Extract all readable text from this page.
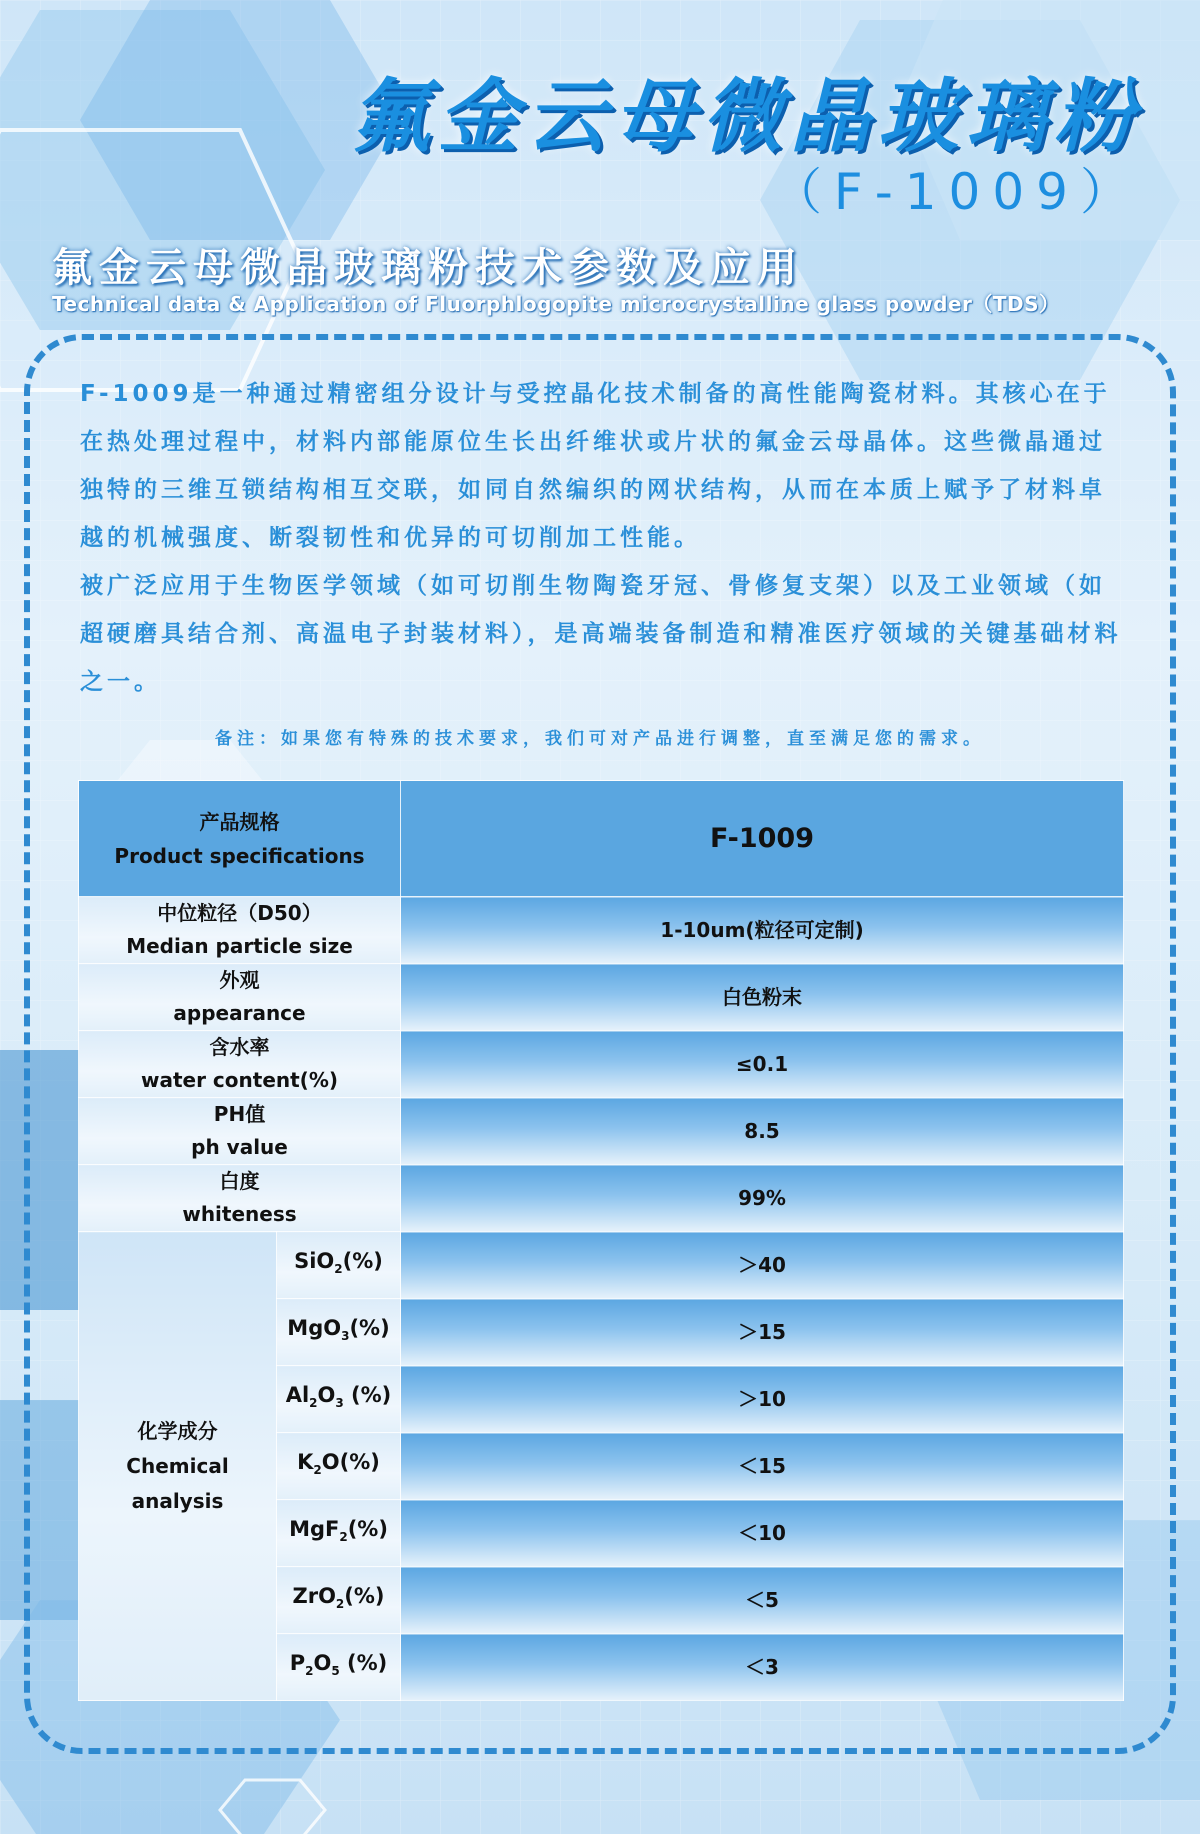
氟金云母微晶玻璃粉
（F-1009）
氟金云母微晶玻璃粉技术参数及应用
Technical data & Application of Fluorphlogopite microcrystalline glass powder（TDS）

F-1009是一种通过精密组分设计与受控晶化技术制备的高性能陶瓷材料。其核心在于在热处理过程中，材料内部能原位生长出纤维状或片状的氟金云母晶体。这些微晶通过独特的三维互锁结构相互交联，如同自然编织的网状结构，从而在本质上赋予了材料卓越的机械强度、断裂韧性和优异的可切削加工性能。

被广泛应用于生物医学领域（如可切削生物陶瓷牙冠、骨修复支架）以及工业领域（如超硬磨具结合剂、高温电子封装材料），是高端装备制造和精准医疗领域的关键基础材料之一。

备注：如果您有特殊的技术要求，我们可对产品进行调整，直至满足您的需求。
产品规格
Product specifications		F-1009

中位粒径（D50）
Median particle size		1-10um(粒径可定制)

外观
appearance		白色粉末

含水率
water content(%)		≤0.1

PH值
ph value		8.5

白度
whiteness		99%

化学成分
Chemical
analysis	SiO$_2$(%)	＞40
	MgO$_3$(%)	＞15
	$Al_2O_3$ (%)	＞10
	$K_2O(\%)$	＜15
	MgF$_2$(%)	＜10
	ZrO$_2$(%)	＜5
	$P_2O_5$ (%)	＜3
